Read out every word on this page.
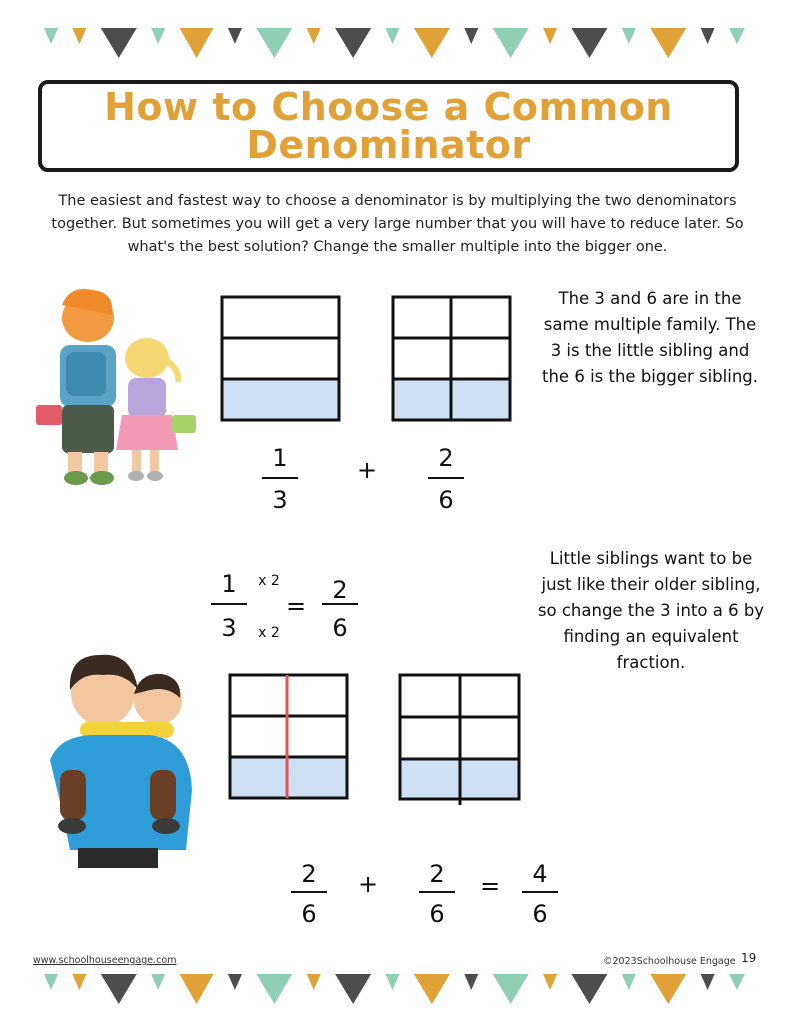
How to Choose a Common
Denominator
The easiest and fastest way to choose a denominator is by multiplying the two denominators together. But sometimes you will get a very large number that you will have to reduce later. So what's the best solution? Change the smaller multiple into the bigger one.
1
3
+	2
6
1
3
=
2
6
2
6
+ 2
6
= 4
6
x 2
x 2
The 3 and 6 are in the same multiple family. The 3 is the little sibling and the 6 is the bigger sibling.
Little siblings want to be just like their older sibling, so change the 3 into a 6 by finding an equivalent fraction.
www.schoolhouseengage.com	©2023Schoolhouse Engage 19
